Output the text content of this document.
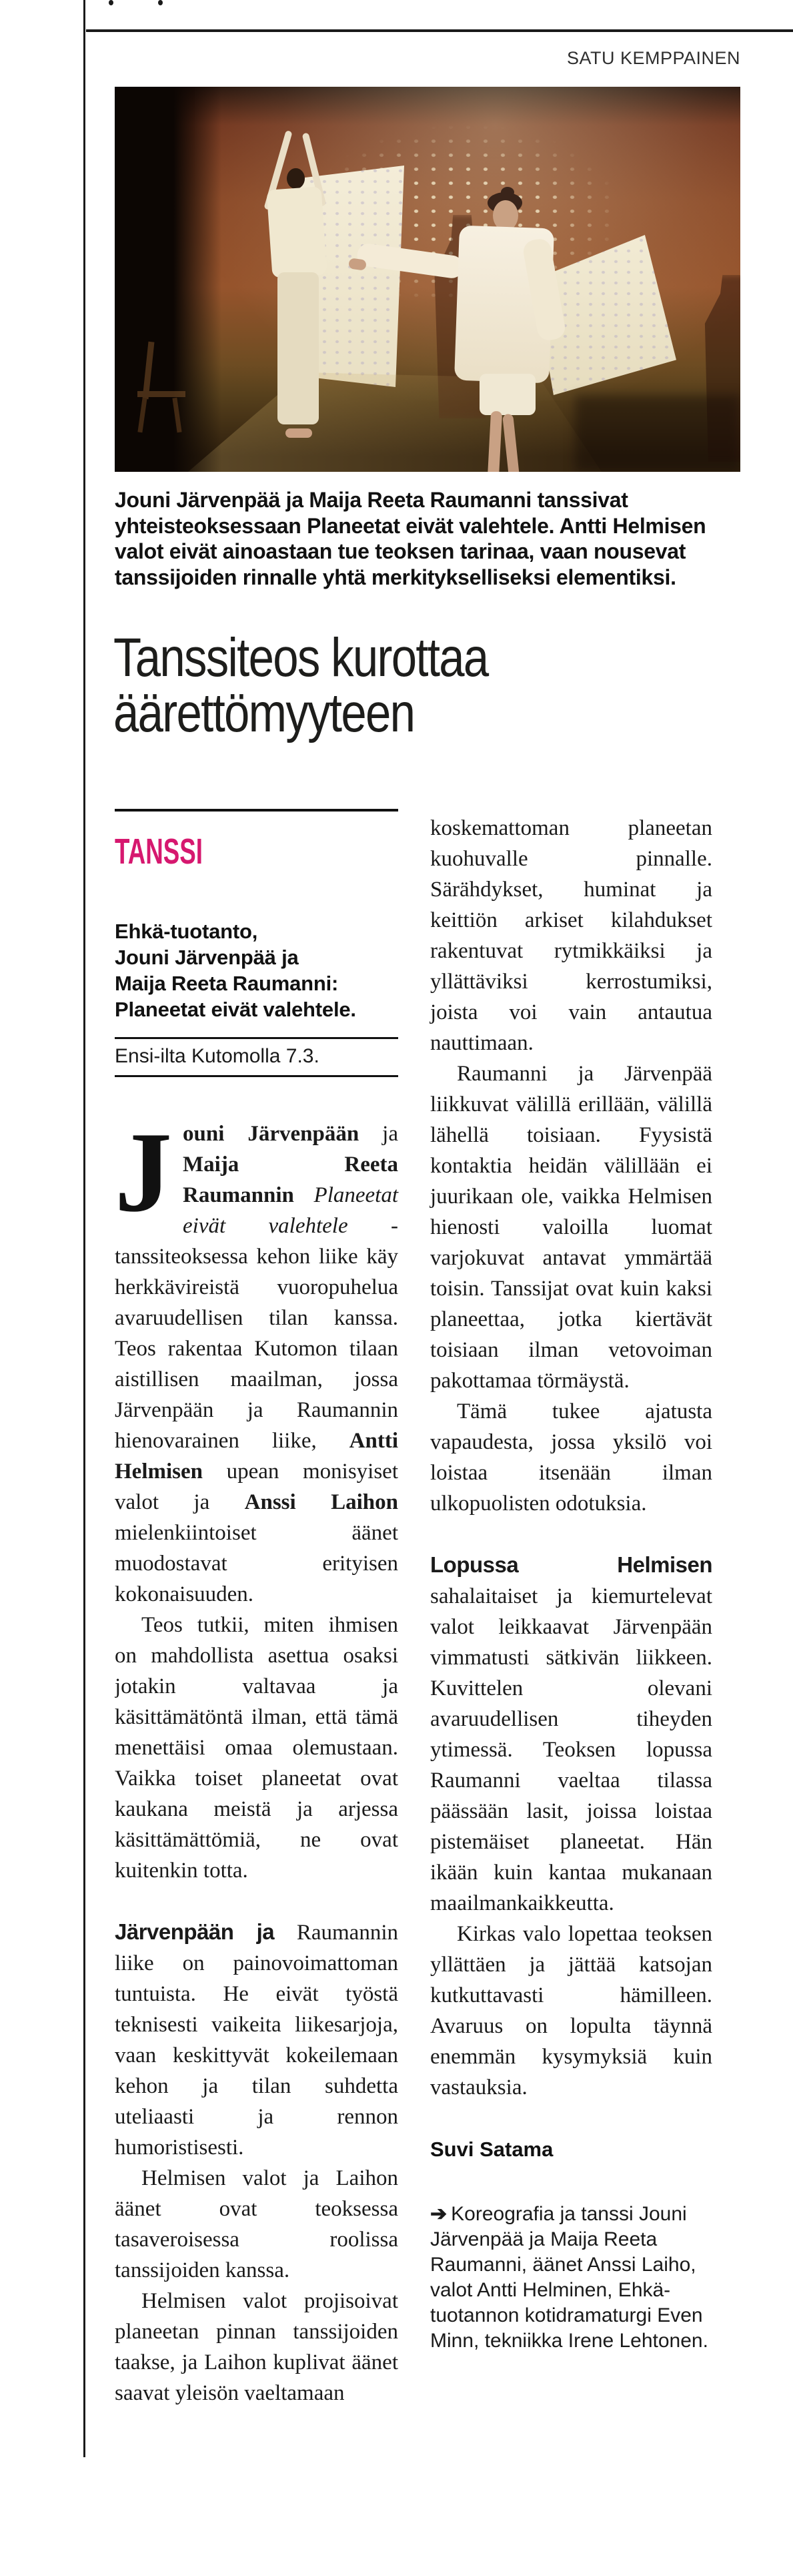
SATU KEMPPAINEN
Jouni Järvenpää ja Maija Reeta Raumanni tanssivat yhteisteoksessaan Planeetat eivät valehtele. Antti Helmisen valot eivät ainoastaan tue teoksen tarinaa, vaan nousevat tanssijoiden rinnalle yhtä merkitykselliseksi elementiksi.
Tanssiteos kurottaa
äärettömyyteen
TANSSI
Ehkä-tuotanto,
Jouni Järvenpää ja
Maija Reeta Raumanni:
Planeetat eivät valehtele.
Ensi-ilta Kutomolla 7.3.

Jouni Järvenpään ja Maija Reeta Raumannin Planeetat eivät valehtele -tanssiteoksessa kehon liike käy herkkävireistä vuoropuhelua avaruudellisen tilan kanssa. Teos rakentaa Kutomon tilaan aistillisen maailman, jossa Järvenpään ja Raumannin hienovarainen liike, Antti Helmisen upean monisyiset valot ja Anssi Laihon mielenkiintoiset äänet muodostavat erityisen kokonaisuuden.

Teos tutkii, miten ihmisen on mahdollista asettua osaksi jotakin valtavaa ja käsittämätöntä ilman, että tämä menettäisi omaa olemustaan. Vaikka toiset planeetat ovat kaukana meistä ja arjessa käsittämättömiä, ne ovat kuitenkin totta.

Järvenpään ja Raumannin liike on painovoimattoman tuntuista. He eivät työstä teknisesti vaikeita liikesarjoja, vaan keskittyvät kokeilemaan kehon ja tilan suhdetta uteliaasti ja rennon humoristisesti.

Helmisen valot ja Laihon äänet ovat teoksessa tasaveroisessa roolissa tanssijoiden kanssa.

Helmisen valot projisoivat planeetan pinnan tanssijoiden taakse, ja Laihon kuplivat äänet saavat yleisön vaeltamaan

koskemattoman planeetan kuohuvalle pinnalle. Särähdykset, huminat ja keittiön arkiset kilahdukset rakentuvat rytmikkäiksi ja yllättäviksi kerrostumiksi, joista voi vain antautua nauttimaan.

Raumanni ja Järvenpää liikkuvat välillä erillään, välillä lähellä toisiaan. Fyysistä kontaktia heidän välillään ei juurikaan ole, vaikka Helmisen hienosti valoilla luomat varjokuvat antavat ymmärtää toisin. Tanssijat ovat kuin kaksi planeettaa, jotka kiertävät toisiaan ilman vetovoiman pakottamaa törmäystä.

Tämä tukee ajatusta vapaudesta, jossa yksilö voi loistaa itsenään ilman ulkopuolisten odotuksia.

Lopussa Helmisen sahalaitaiset ja kiemurtelevat valot leikkaavat Järvenpään vimmatusti sätkivän liikkeen. Kuvittelen olevani avaruudellisen tiheyden ytimessä. Teoksen lopussa Raumanni vaeltaa tilassa päässään lasit, joissa loistaa pistemäiset planeetat. Hän ikään kuin kantaa mukanaan maailmankaikkeutta.

Kirkas valo lopettaa teoksen yllättäen ja jättää katsojan kutkuttavasti hämilleen. Avaruus on lopulta täynnä enemmän kysymyksiä kuin vastauksia.

Suvi Satama
➔ Koreografia ja tanssi Jouni Järvenpää ja Maija Reeta Raumanni, äänet Anssi Laiho, valot Antti Helminen, Ehkä-tuotannon kotidramaturgi Even Minn, tekniikka Irene Lehtonen.
